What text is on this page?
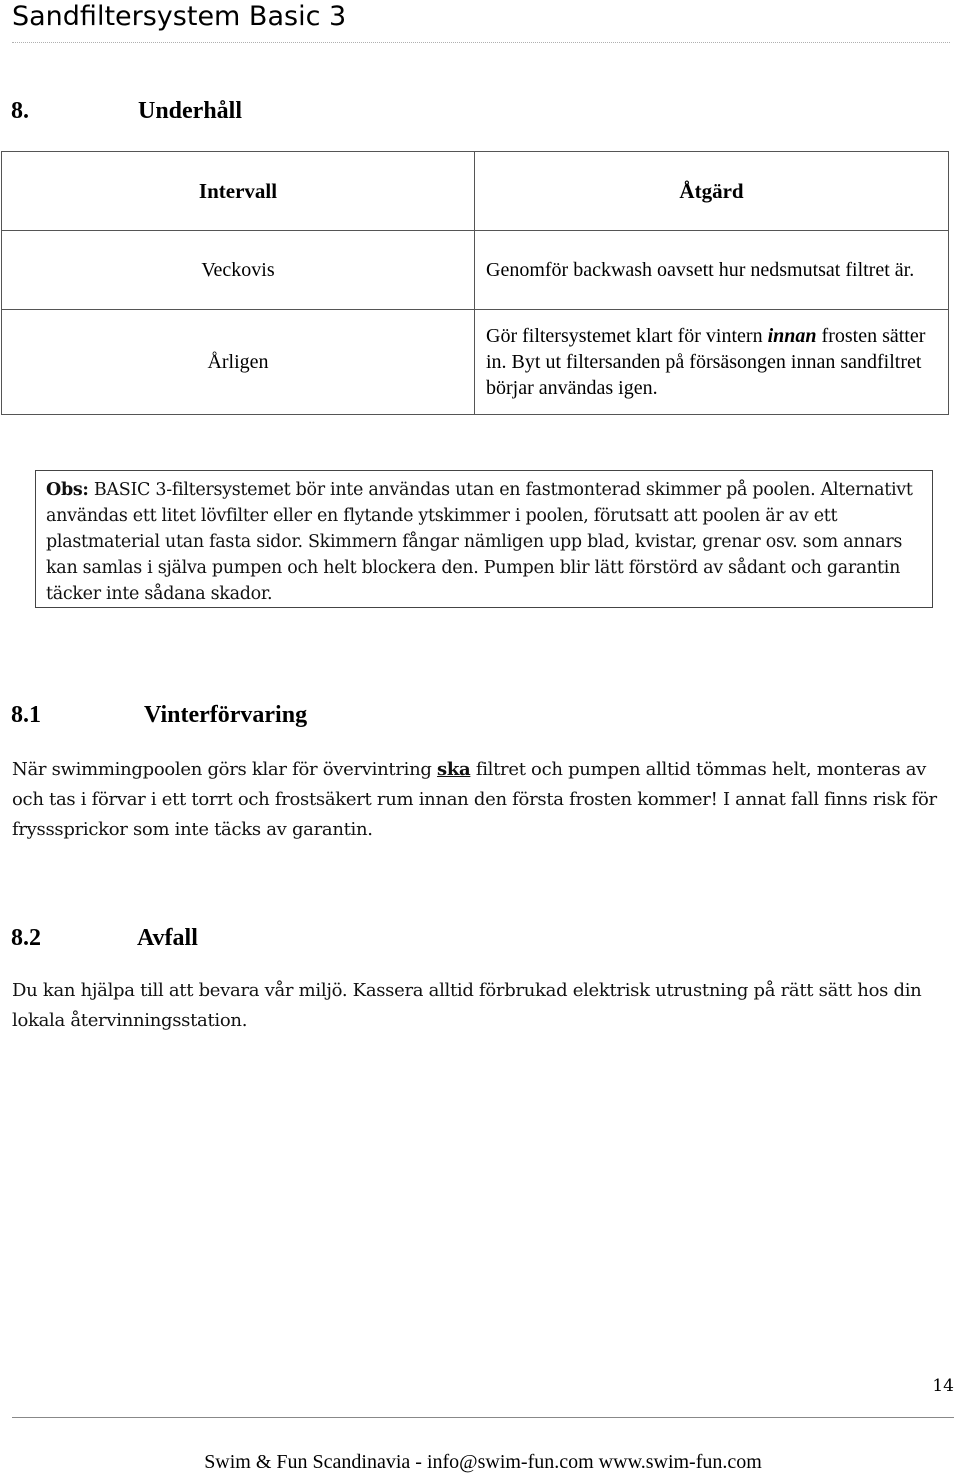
Sandfiltersystem Basic 3
8.	Underhåll
Intervall	Åtgärd
Veckovis	Genomför backwash oavsett hur nedsmutsat filtret är.
Årligen	Gör filtersystemet klart för vintern innan frosten sätter in. Byt ut filtersanden på försäsongen innan sandfiltret börjar användas igen.
Obs: BASIC 3-filtersystemet bör inte användas utan en fastmonterad skimmer på poolen. Alternativt användas ett litet lövfilter eller en flytande ytskimmer i poolen, förutsatt att poolen är av ett plastmaterial utan fasta sidor. Skimmern fångar nämligen upp blad, kvistar, grenar osv. som annars kan samlas i själva pumpen och helt blockera den. Pumpen blir lätt förstörd av sådant och garantin täcker inte sådana skador.
8.1	Vinterförvaring
När swimmingpoolen görs klar för övervintring ska filtret och pumpen alltid tömmas helt, monteras av och tas i förvar i ett torrt och frostsäkert rum innan den första frosten kommer! I annat fall finns risk för frysssprickor som inte täcks av garantin.
8.2	Avfall
Du kan hjälpa till att bevara vår miljö. Kassera alltid förbrukad elektrisk utrustning på rätt sätt hos din lokala återvinningsstation.
14
Swim & Fun Scandinavia - info@swim-fun.com www.swim-fun.com
